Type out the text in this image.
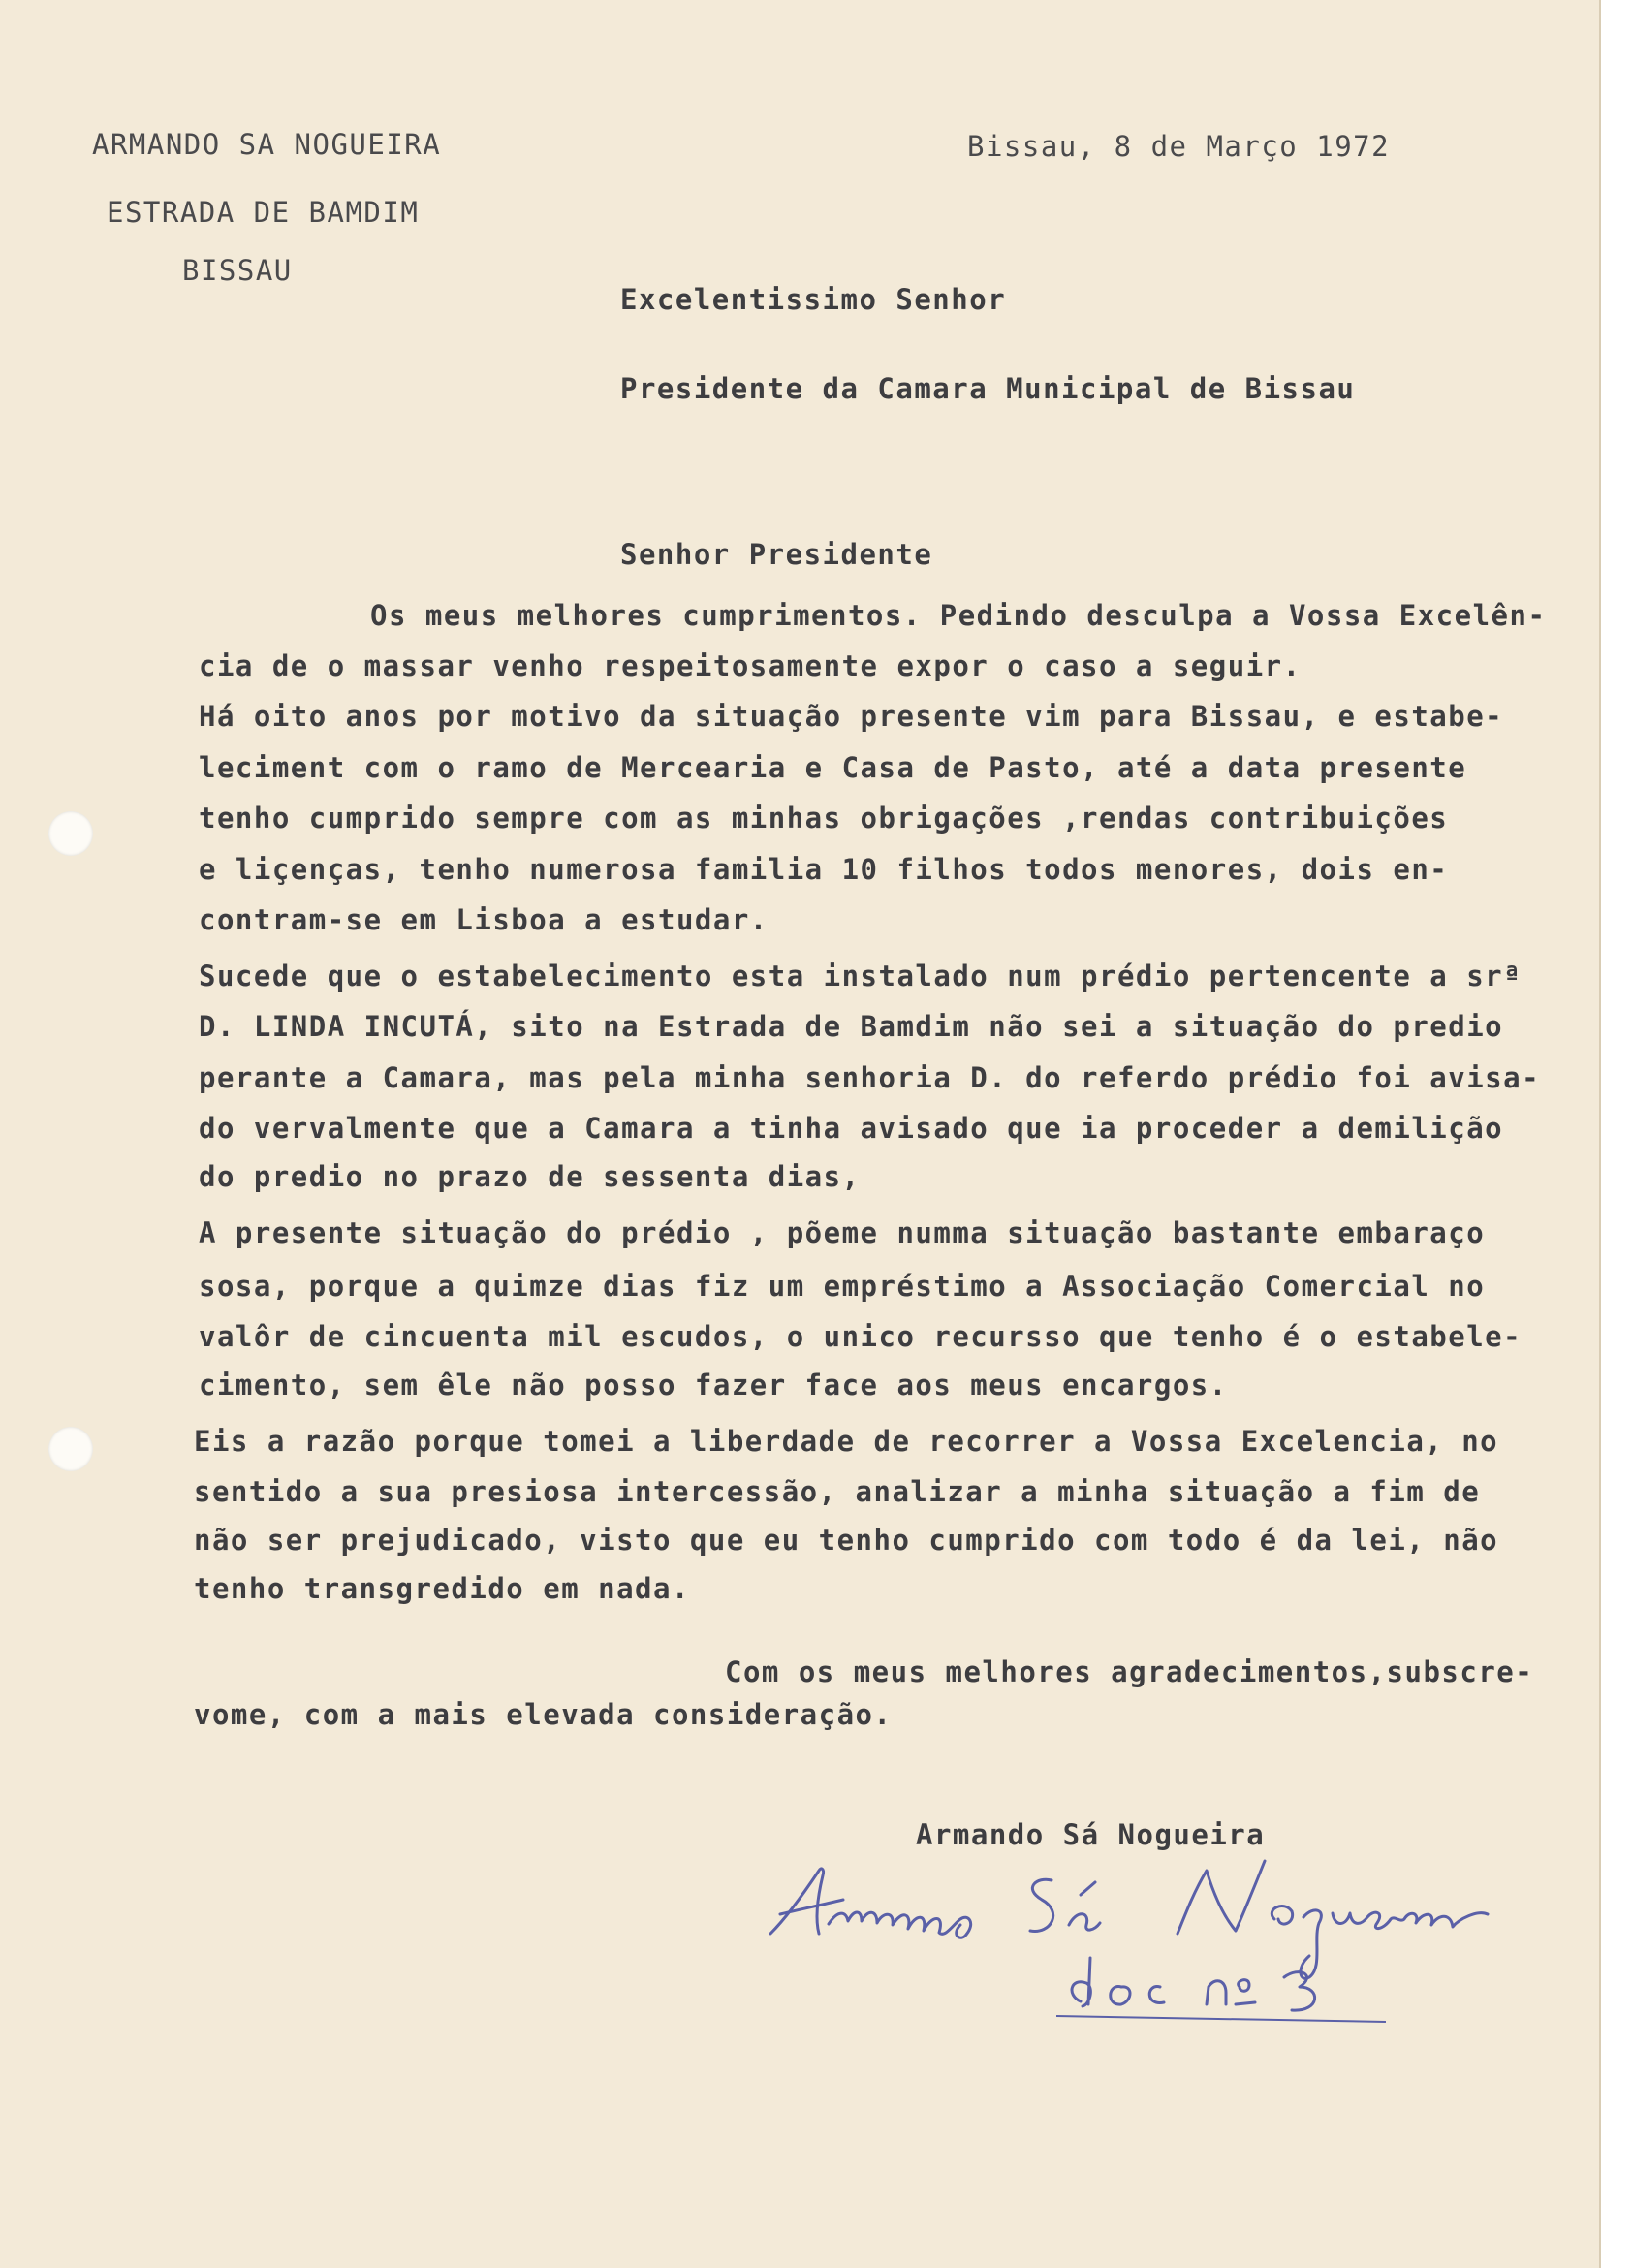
ARMANDO SA NOGUEIRA
ESTRADA DE BAMDIM
BISSAU
Bissau, 8 de Março 1972
Excelentissimo Senhor
Presidente da Camara Municipal de Bissau
Senhor Presidente
Os meus melhores cumprimentos. Pedindo desculpa a Vossa Excelên-
cia de o massar venho respeitosamente expor o caso a seguir.
Há oito anos por motivo da situação presente vim para Bissau, e estabe-
leciment com o ramo de Mercearia e Casa de Pasto, até a data presente
tenho cumprido sempre com as minhas obrigações ,rendas contribuições
e liçenças, tenho numerosa familia 10 filhos todos menores, dois en-
contram-se em Lisboa a estudar.
Sucede que o estabelecimento esta instalado num prédio pertencente a srª
D. LINDA INCUTÁ, sito na Estrada de Bamdim não sei a situação do predio
perante a Camara, mas pela minha senhoria D. do referdo prédio foi avisa-
do vervalmente que a Camara a tinha avisado que ia proceder a demilição
do predio no prazo de sessenta dias,
A presente situação do prédio , põeme numma situação bastante embaraço
sosa, porque a quimze dias fiz um empréstimo a Associação Comercial no
valôr de cincuenta mil escudos, o unico recursso que tenho é o estabele-
cimento, sem êle não posso fazer face aos meus encargos.
Eis a razão porque tomei a liberdade de recorrer a Vossa Excelencia, no
sentido a sua presiosa intercessão, analizar a minha situação a fim de
não ser prejudicado, visto que eu tenho cumprido com todo é da lei, não
tenho transgredido em nada.
Com os meus melhores agradecimentos,subscre-
vome, com a mais elevada consideração.
Armando Sá Nogueira
